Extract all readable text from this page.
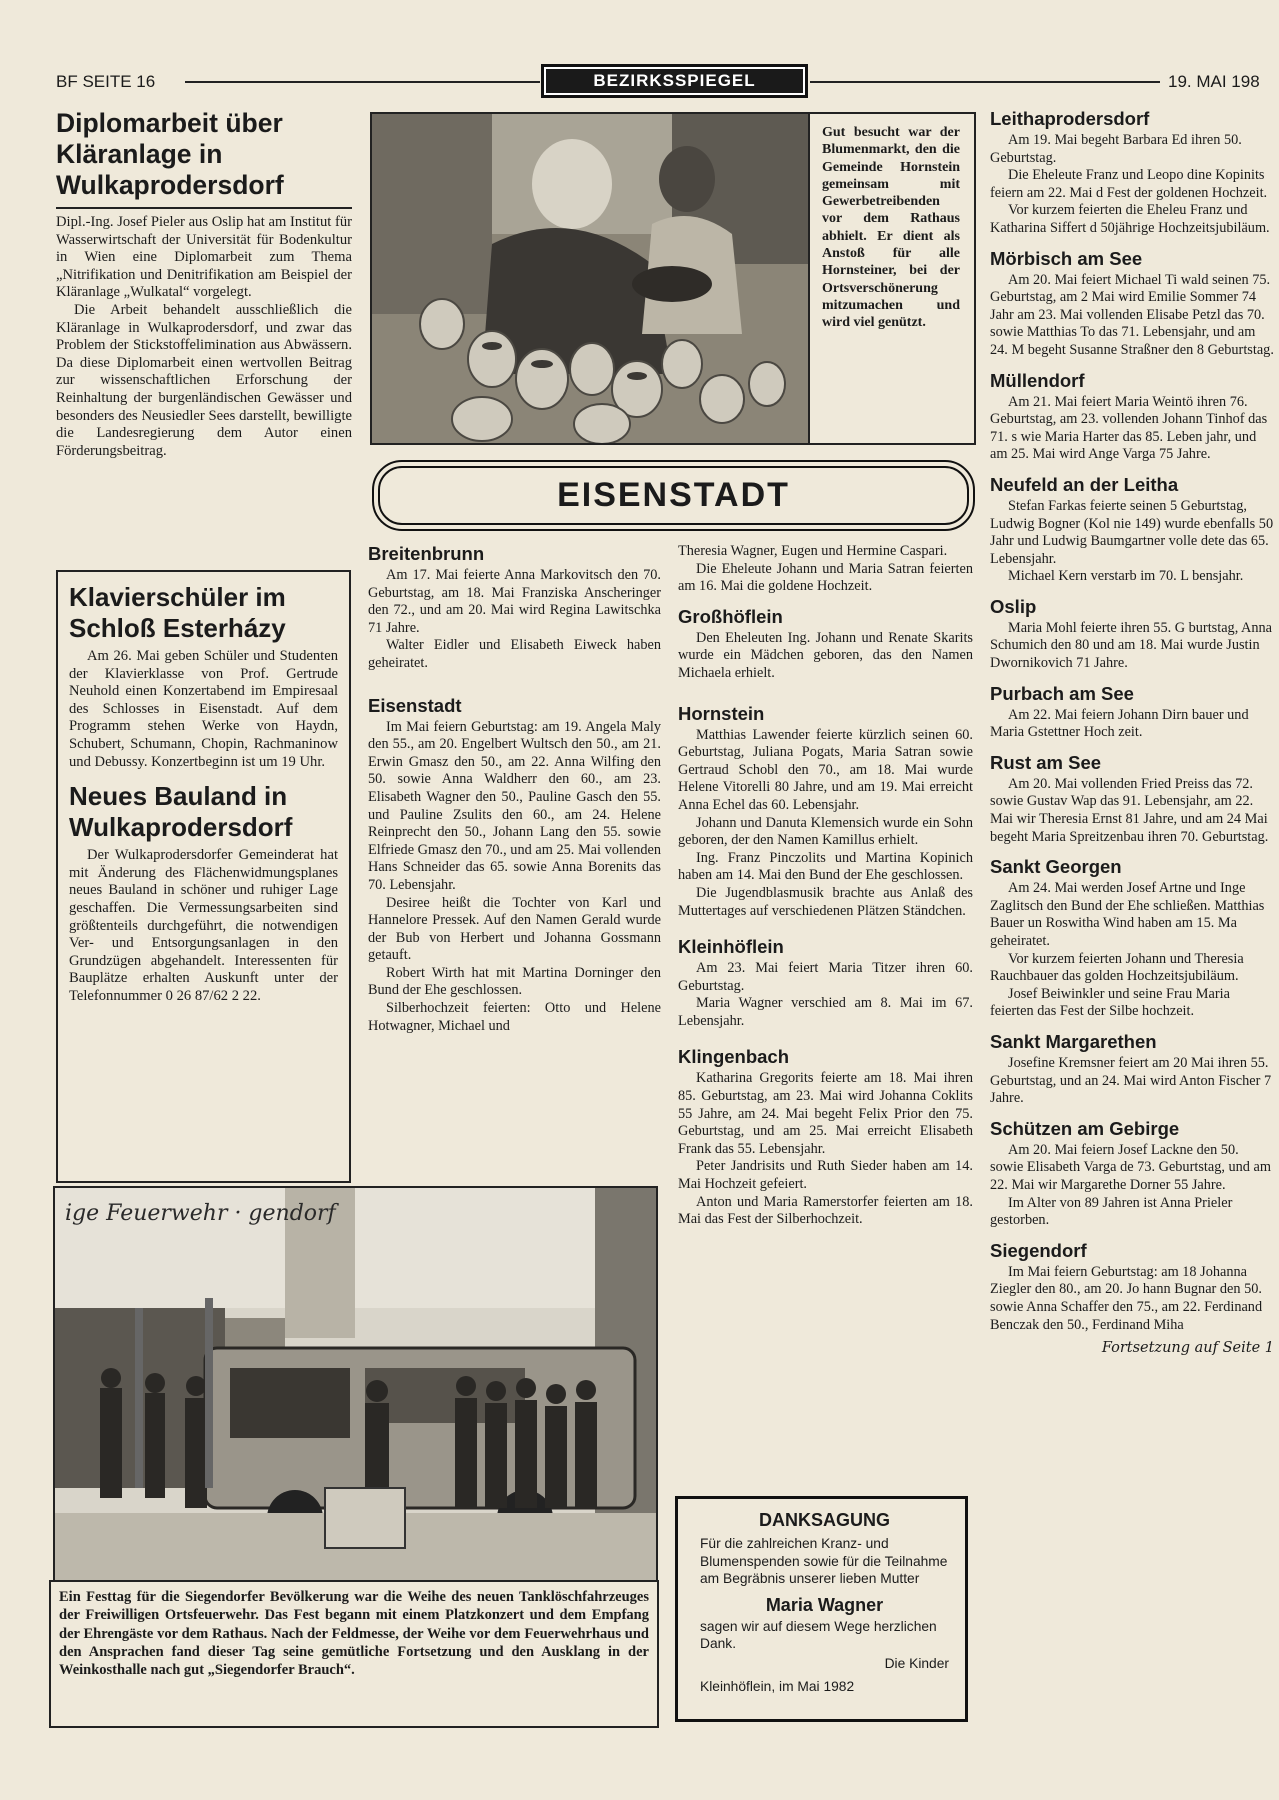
BF SEITE 16	BEZIRKSSPIEGEL	19. MAI 198
Diplomarbeit über Kläranlage in Wulkaprodersdorf

Dipl.-Ing. Josef Pieler aus Oslip hat am Institut für Wasserwirtschaft der Universität für Bodenkultur in Wien eine Diplomarbeit zum Thema „Nitrifikation und Denitrifikation am Beispiel der Kläranlage „Wulkatal“ vorgelegt.

Die Arbeit behandelt ausschließlich die Kläranlage in Wulkaprodersdorf, und zwar das Problem der Stickstoffelimination aus Abwässern. Da diese Diplomarbeit einen wertvollen Beitrag zur wissenschaftlichen Erforschung der Reinhaltung der burgenländischen Gewässer und besonders des Neusiedler Sees darstellt, bewilligte die Landesregierung dem Autor einen Förderungsbeitrag.

Klavierschüler im Schloß Esterházy

Am 26. Mai geben Schüler und Studenten der Klavierklasse von Prof. Gertrude Neuhold einen Konzertabend im Empiresaal des Schlosses in Eisenstadt. Auf dem Programm stehen Werke von Haydn, Schubert, Schumann, Chopin, Rachmaninow und Debussy. Konzertbeginn ist um 19 Uhr.

Neues Bauland in Wulkaprodersdorf

Der Wulkaprodersdorfer Gemeinderat hat mit Änderung des Flächenwidmungsplanes neues Bauland in schöner und ruhiger Lage geschaffen. Die Vermessungsarbeiten sind größtenteils durchgeführt, die notwendigen Ver- und Entsorgungsanlagen in den Grundzügen abgehandelt. Interessenten für Bauplätze erhalten Auskunft unter der Telefonnummer 0 26 87/62 2 22.

Gut besucht war der Blumenmarkt, den die Gemeinde Hornstein gemeinsam mit Gewerbetreibenden vor dem Rathaus abhielt. Er dient als Anstoß für alle Hornsteiner, bei der Ortsverschönerung mitzumachen und wird viel genützt.
EISENSTADT
Breitenbrunn

Am 17. Mai feierte Anna Markovitsch den 70. Geburtstag, am 18. Mai Franziska Anscheringer den 72., und am 20. Mai wird Regina Lawitschka 71 Jahre.

Walter Eidler und Elisabeth Eiweck haben geheiratet.

Eisenstadt

Im Mai feiern Geburtstag: am 19. Angela Maly den 55., am 20. Engelbert Wultsch den 50., am 21. Erwin Gmasz den 50., am 22. Anna Wilfing den 50. sowie Anna Waldherr den 60., am 23. Elisabeth Wagner den 50., Pauline Gasch den 55. und Pauline Zsulits den 60., am 24. Helene Reinprecht den 50., Johann Lang den 55. sowie Elfriede Gmasz den 70., und am 25. Mai vollenden Hans Schneider das 65. sowie Anna Borenits das 70. Lebensjahr.

Desiree heißt die Tochter von Karl und Hannelore Pressek. Auf den Namen Gerald wurde der Bub von Herbert und Johanna Gossmann getauft.

Robert Wirth hat mit Martina Dorninger den Bund der Ehe geschlossen.

Silberhochzeit feierten: Otto und Helene Hotwagner, Michael und

Theresia Wagner, Eugen und Hermine Caspari.

Die Eheleute Johann und Maria Satran feierten am 16. Mai die goldene Hochzeit.

Großhöflein

Den Eheleuten Ing. Johann und Renate Skarits wurde ein Mädchen geboren, das den Namen Michaela erhielt.

Hornstein

Matthias Lawender feierte kürzlich seinen 60. Geburtstag, Juliana Pogats, Maria Satran sowie Gertraud Schobl den 70., am 18. Mai wurde Helene Vitorelli 80 Jahre, und am 19. Mai erreicht Anna Echel das 60. Lebensjahr.

Johann und Danuta Klemensich wurde ein Sohn geboren, der den Namen Kamillus erhielt.

Ing. Franz Pinczolits und Martina Kopinich haben am 14. Mai den Bund der Ehe geschlossen.

Die Jugendblasmusik brachte aus Anlaß des Muttertages auf verschiedenen Plätzen Ständchen.

Kleinhöflein

Am 23. Mai feiert Maria Titzer ihren 60. Geburtstag.

Maria Wagner verschied am 8. Mai im 67. Lebensjahr.

Klingenbach

Katharina Gregorits feierte am 18. Mai ihren 85. Geburtstag, am 23. Mai wird Johanna Coklits 55 Jahre, am 24. Mai begeht Felix Prior den 75. Geburtstag, und am 25. Mai erreicht Elisabeth Frank das 55. Lebensjahr.

Peter Jandrisits und Ruth Sieder haben am 14. Mai Hochzeit gefeiert.

Anton und Maria Ramerstorfer feierten am 18. Mai das Fest der Silberhochzeit.

DANKSAGUNG
Für die zahlreichen Kranz- und Blumenspenden sowie für die Teilnahme am Begräbnis unserer lieben Mutter
Maria Wagner
sagen wir auf diesem Wege herzlichen Dank.
Die Kinder
Kleinhöflein, im Mai 1982
Leithaprodersdorf

Am 19. Mai begeht Barbara Ed ihren 50. Geburtstag.

Die Eheleute Franz und Leopo dine Kopinits feiern am 22. Mai d Fest der goldenen Hochzeit.

Vor kurzem feierten die Eheleu Franz und Katharina Siffert d 50jährige Hochzeitsjubiläum.

Mörbisch am See

Am 20. Mai feiert Michael Ti wald seinen 75. Geburtstag, am 2 Mai wird Emilie Sommer 74 Jahr am 23. Mai vollenden Elisabe Petzl das 70. sowie Matthias To das 71. Lebensjahr, und am 24. M begeht Susanne Straßner den 8 Geburtstag.

Müllendorf

Am 21. Mai feiert Maria Weintö ihren 76. Geburtstag, am 23. vollenden Johann Tinhof das 71. s wie Maria Harter das 85. Leben jahr, und am 25. Mai wird Ange Varga 75 Jahre.

Neufeld an der Leitha

Stefan Farkas feierte seinen 5 Geburtstag, Ludwig Bogner (Kol nie 149) wurde ebenfalls 50 Jahr und Ludwig Baumgartner volle dete das 65. Lebensjahr.

Michael Kern verstarb im 70. L bensjahr.

Oslip

Maria Mohl feierte ihren 55. G burtstag, Anna Schumich den 80 und am 18. Mai wurde Justin Dwornikovich 71 Jahre.

Purbach am See

Am 22. Mai feiern Johann Dirn bauer und Maria Gstettner Hoch zeit.

Rust am See

Am 20. Mai vollenden Fried Preiss das 72. sowie Gustav Wap das 91. Lebensjahr, am 22. Mai wir Theresia Ernst 81 Jahre, und am 24 Mai begeht Maria Spreitzenbau ihren 70. Geburtstag.

Sankt Georgen

Am 24. Mai werden Josef Artne und Inge Zaglitsch den Bund der Ehe schließen. Matthias Bauer un Roswitha Wind haben am 15. Ma geheiratet.

Vor kurzem feierten Johann und Theresia Rauchbauer das golden Hochzeitsjubiläum.

Josef Beiwinkler und seine Frau Maria feierten das Fest der Silbe hochzeit.

Sankt Margarethen

Josefine Kremsner feiert am 20 Mai ihren 55. Geburtstag, und an 24. Mai wird Anton Fischer 7 Jahre.

Schützen am Gebirge

Am 20. Mai feiern Josef Lackne den 50. sowie Elisabeth Varga de 73. Geburtstag, und am 22. Mai wir Margarethe Dorner 55 Jahre.

Im Alter von 89 Jahren ist Anna Prieler gestorben.

Siegendorf

Im Mai feiern Geburtstag: am 18 Johanna Ziegler den 80., am 20. Jo hann Bugnar den 50. sowie Anna Schaffer den 75., am 22. Ferdinand Benczak den 50., Ferdinand Miha

Fortsetzung auf Seite 1
ige Feuerwehr · gendorf
Ein Festtag für die Siegendorfer Bevölkerung war die Weihe des neuen Tanklöschfahrzeuges der Freiwilligen Ortsfeuerwehr. Das Fest begann mit einem Platzkonzert und dem Empfang der Ehrengäste vor dem Rathaus. Nach der Feldmesse, der Weihe vor dem Feuerwehrhaus und den Ansprachen fand dieser Tag seine gemütliche Fortsetzung und den Ausklang in der Weinkosthalle nach gut „Siegendorfer Brauch“.
